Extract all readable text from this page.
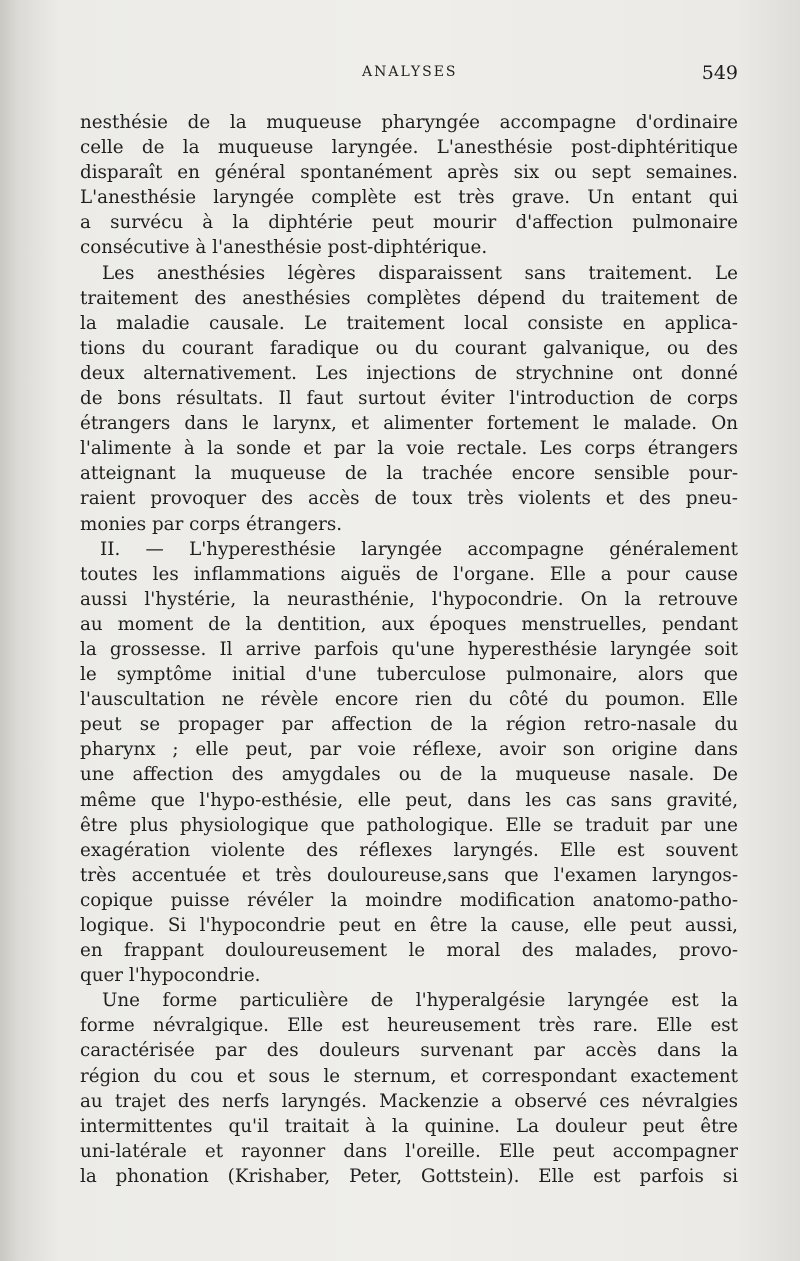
ANALYSES	549
nesthésie de la muqueuse pharyngée accompagne d'ordinaire
celle de la muqueuse laryngée. L'anesthésie post-diphtéritique
disparaît en général spontanément après six ou sept semaines.
L'anesthésie laryngée complète est très grave. Un entant qui
a survécu à la diphtérie peut mourir d'affection pulmonaire
consécutive à l'anesthésie post-diphtérique.
Les anesthésies légères disparaissent sans traitement. Le
traitement des anesthésies complètes dépend du traitement de
la maladie causale. Le traitement local consiste en applica-
tions du courant faradique ou du courant galvanique, ou des
deux alternativement. Les injections de strychnine ont donné
de bons résultats. Il faut surtout éviter l'introduction de corps
étrangers dans le larynx, et alimenter fortement le malade. On
l'alimente à la sonde et par la voie rectale. Les corps étrangers
atteignant la muqueuse de la trachée encore sensible pour-
raient provoquer des accès de toux très violents et des pneu-
monies par corps étrangers.
II. — L'hyperesthésie laryngée accompagne généralement
toutes les inflammations aiguës de l'organe. Elle a pour cause
aussi l'hystérie, la neurasthénie, l'hypocondrie. On la retrouve
au moment de la dentition, aux époques menstruelles, pendant
la grossesse. Il arrive parfois qu'une hyperesthésie laryngée soit
le symptôme initial d'une tuberculose pulmonaire, alors que
l'auscultation ne révèle encore rien du côté du poumon. Elle
peut se propager par affection de la région retro-nasale du
pharynx ; elle peut, par voie réflexe, avoir son origine dans
une affection des amygdales ou de la muqueuse nasale. De
même que l'hypo-esthésie, elle peut, dans les cas sans gravité,
être plus physiologique que pathologique. Elle se traduit par une
exagération violente des réflexes laryngés. Elle est souvent
très accentuée et très douloureuse,sans que l'examen laryngos-
copique puisse révéler la moindre modification anatomo-patho-
logique. Si l'hypocondrie peut en être la cause, elle peut aussi,
en frappant douloureusement le moral des malades, provo-
quer l'hypocondrie.
Une forme particulière de l'hyperalgésie laryngée est la
forme névralgique. Elle est heureusement très rare. Elle est
caractérisée par des douleurs survenant par accès dans la
région du cou et sous le sternum, et correspondant exactement
au trajet des nerfs laryngés. Mackenzie a observé ces névralgies
intermittentes qu'il traitait à la quinine. La douleur peut être
uni-latérale et rayonner dans l'oreille. Elle peut accompagner
la phonation (Krishaber, Peter, Gottstein). Elle est parfois si
